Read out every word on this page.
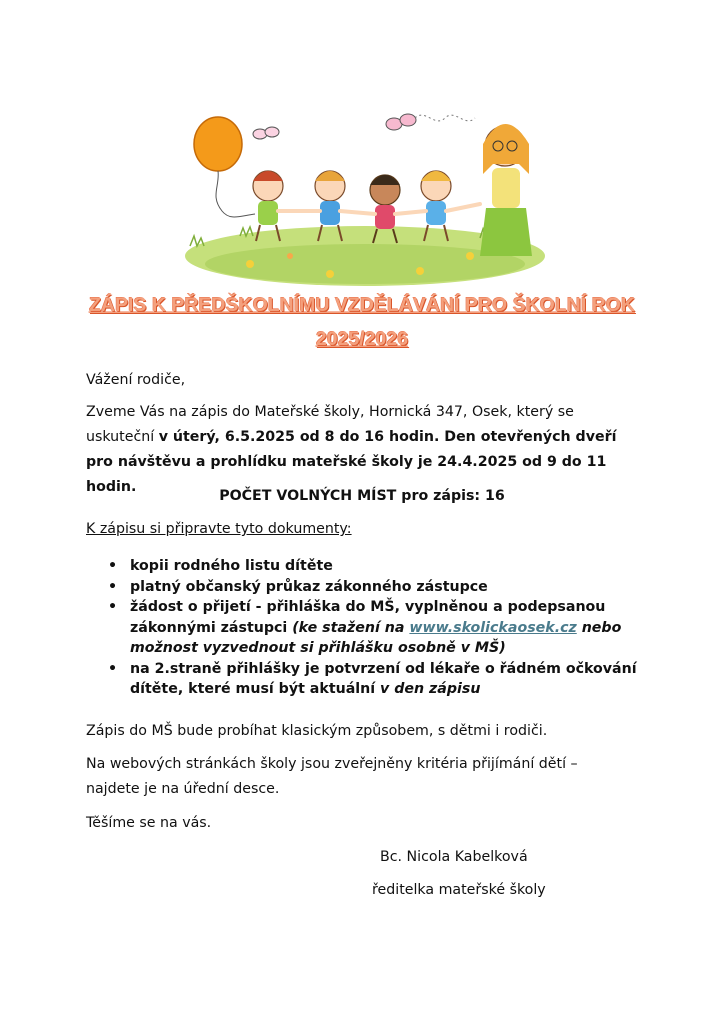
ZÁPIS K PŘEDŠKOLNÍMU VZDĚLÁVÁNÍ PRO ŠKOLNÍ ROK
2025/2026

Vážení rodiče,

Zveme Vás na zápis do Mateřské školy, Hornická 347, Osek, který se uskuteční v úterý, 6.5.2025 od 8 do 16 hodin. Den otevřených dveří pro návštěvu a prohlídku mateřské školy je 24.4.2025 od 9 do 11 hodin.

POČET VOLNÝCH MÍST pro zápis: 16

K zápisu si připravte tyto dokumenty:

• kopii rodného listu dítěte
• platný občanský průkaz zákonného zástupce
• žádost o přijetí - přihláška do MŠ, vyplněnou a podepsanou zákonnými zástupci (ke stažení na www.skolickaosek.cz nebo možnost vyzvednout si přihlášku osobně v MŠ)
• na 2.straně přihlášky je potvrzení od lékaře o řádném očkování dítěte, které musí být aktuální v den zápisu

Zápis do MŠ bude probíhat klasickým způsobem, s dětmi i rodiči.

Na webových stránkách školy jsou zveřejněny kritéria přijímání dětí – najdete je na úřední desce.

Těšíme se na vás.

Bc. Nicola Kabelková

ředitelka mateřské školy
